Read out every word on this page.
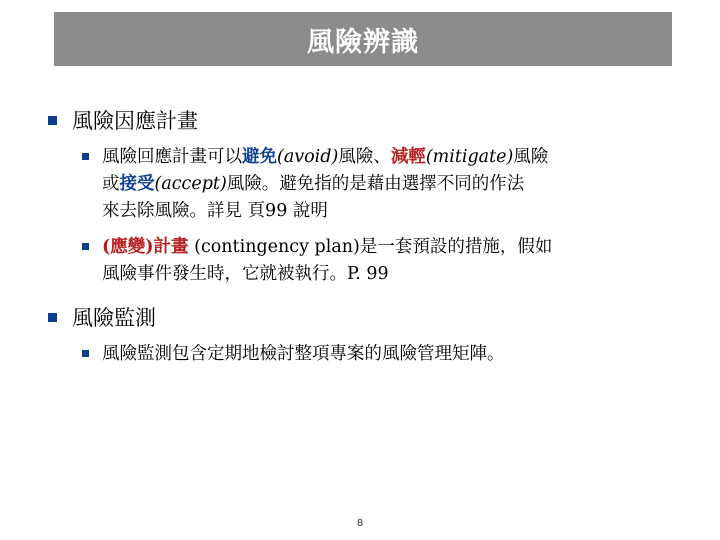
風險辨識
風險因應計畫
風險回應計畫可以避免(avoid)風險、減輕(mitigate)風險
或接受(accept)風險。避免指的是藉由選擇不同的作法
來去除風險。詳見 頁99 說明
(應變)計畫 (contingency plan)是一套預設的措施，假如
風險事件發生時，它就被執行。P. 99
風險監測
風險監測包含定期地檢討整項專案的風險管理矩陣。
8
